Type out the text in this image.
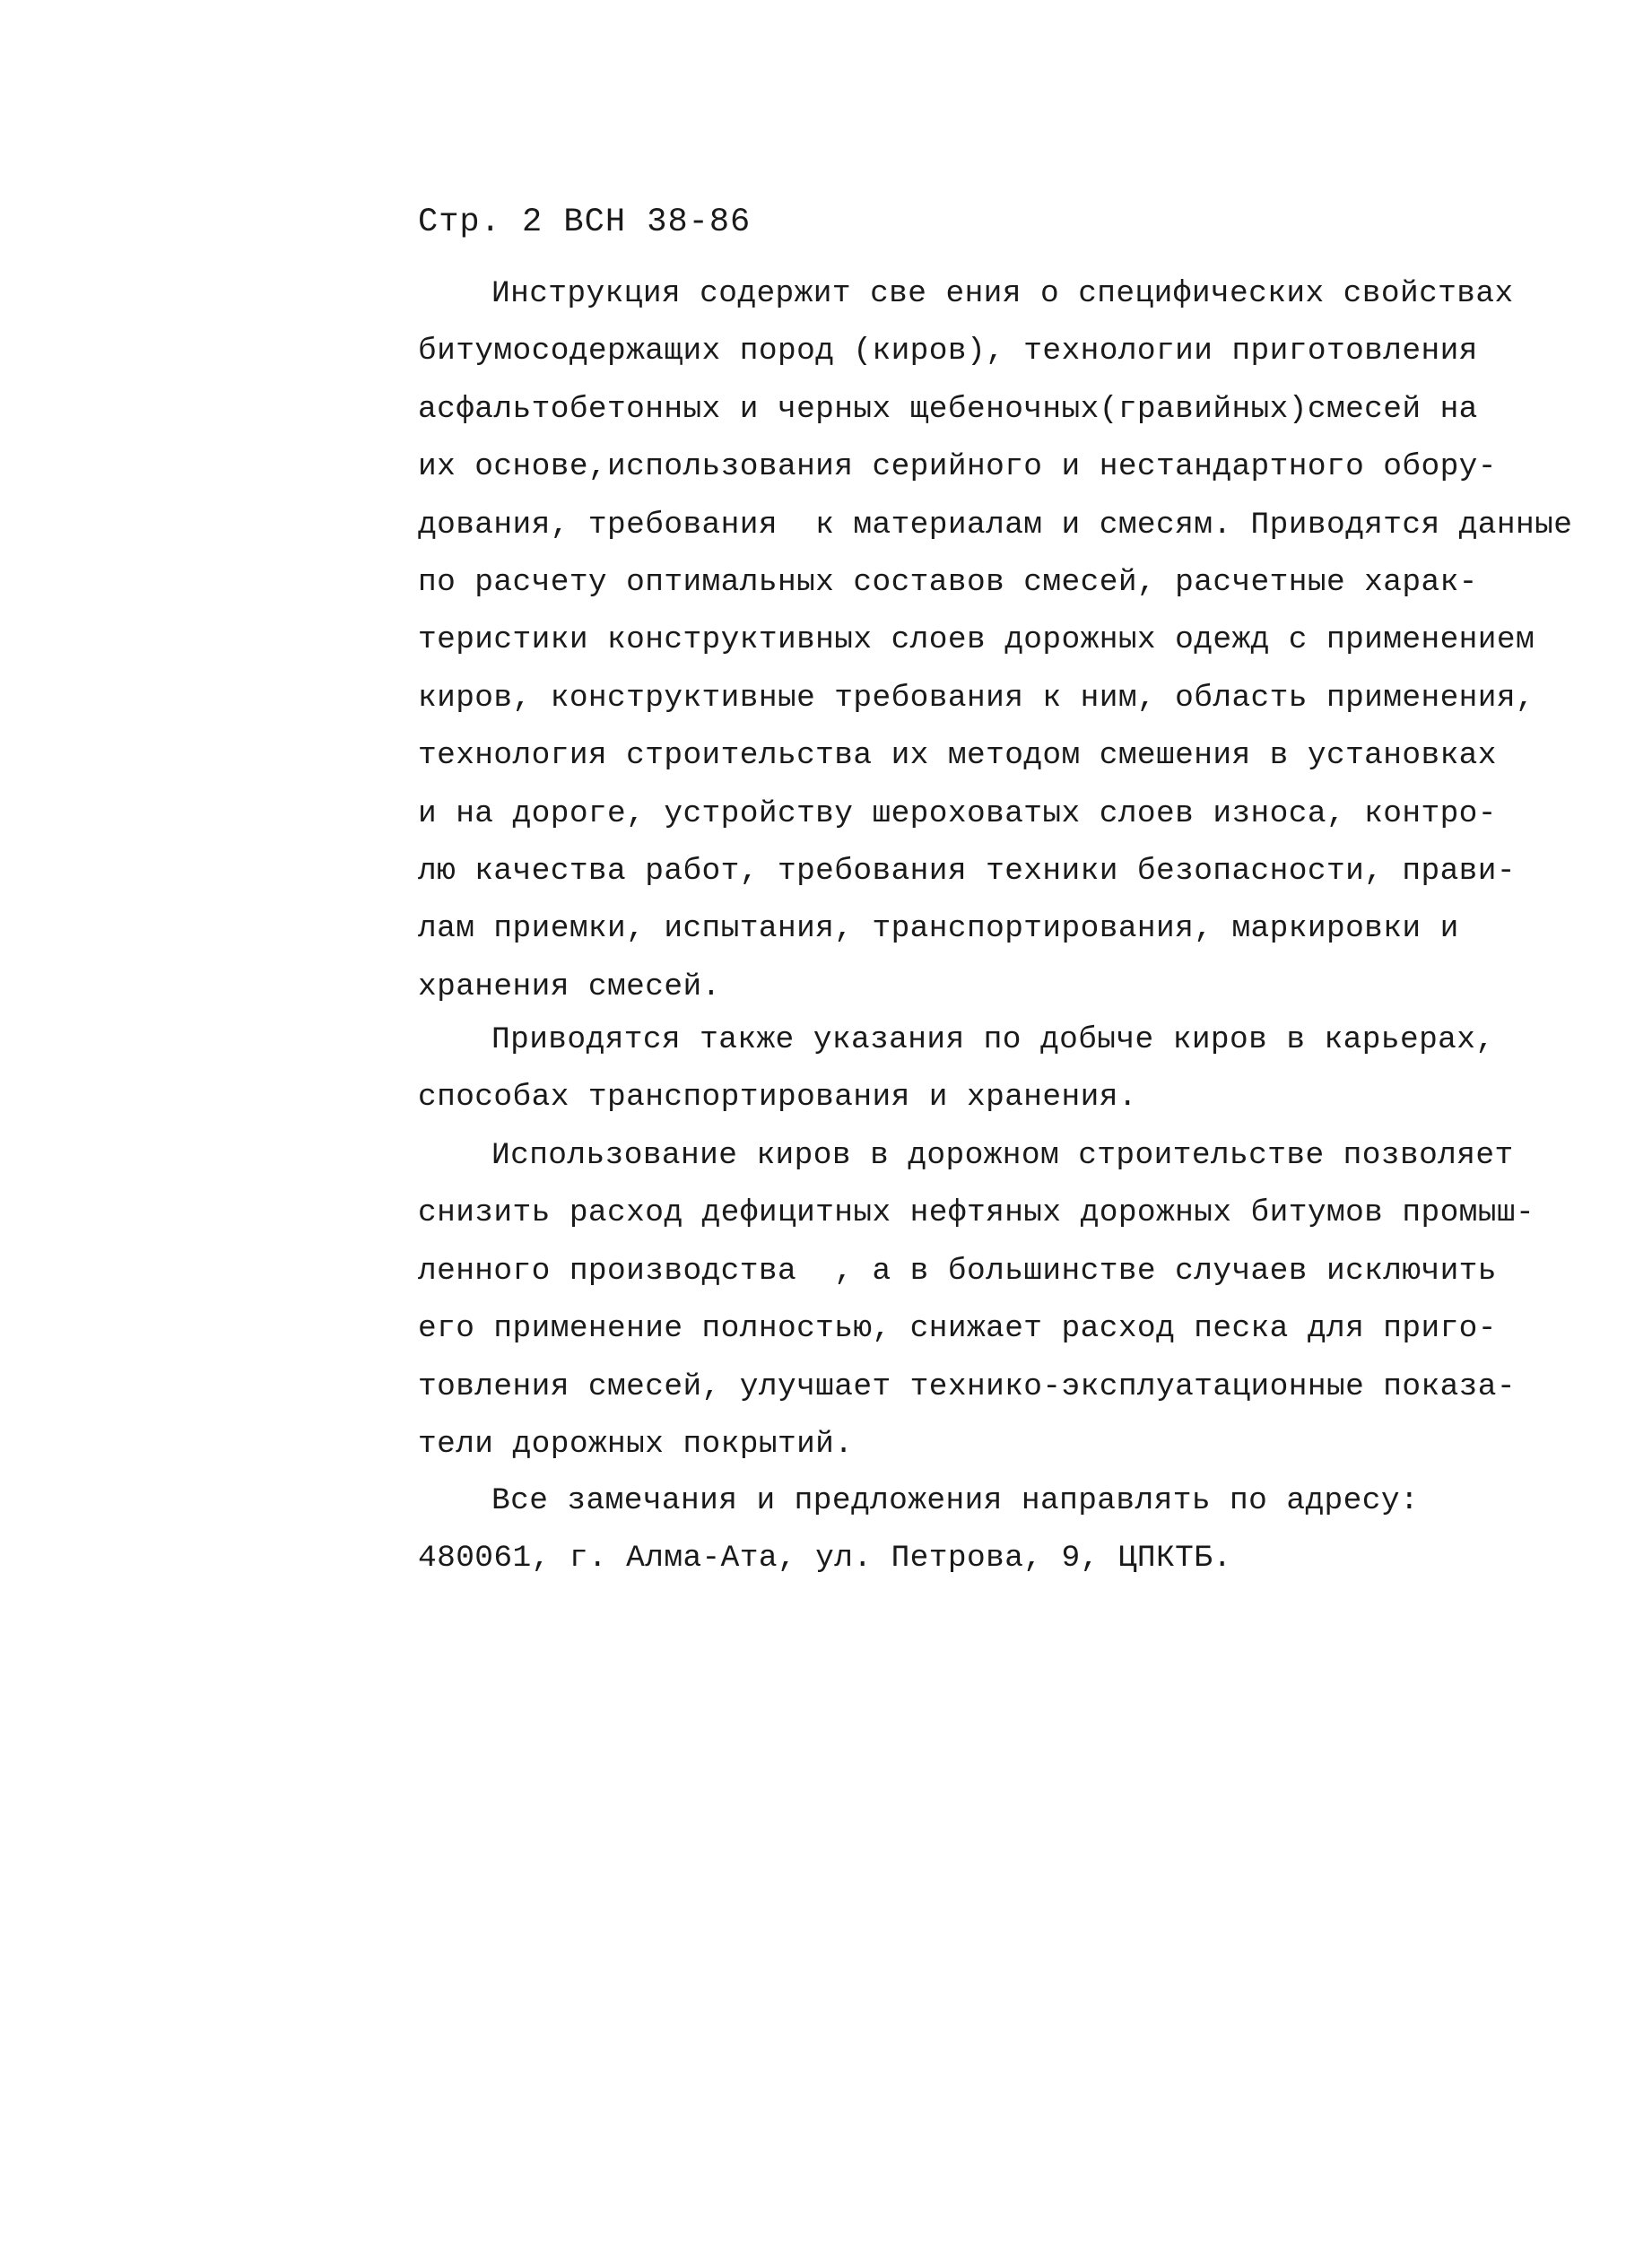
Стр. 2 ВСН 38-86
Инструкция содержит све ения о специфических свойствах
битумосодержащих пород (киров), технологии приготовления
асфальтобетонных и черных щебеночных(гравийных)смесей на
их основе,использования серийного и нестандартного обору-
дования, требования  к материалам и смесям. Приводятся данные
по расчету оптимальных составов смесей, расчетные харак-
теристики конструктивных слоев дорожных одежд с применением
киров, конструктивные требования к ним, область применения,
технология строительства их методом смешения в установках
и на дороге, устройству шероховатых слоев износа, контро-
лю качества работ, требования техники безопасности, прави-
лам приемки, испытания, транспортирования, маркировки и
хранения смесей.
Приводятся также указания по добыче киров в карьерах,
способах транспортирования и хранения.
Использование киров в дорожном строительстве позволяет
снизить расход дефицитных нефтяных дорожных битумов промыш-
ленного производства  , а в большинстве случаев исключить
его применение полностью, снижает расход песка для приго-
товления смесей, улучшает технико-эксплуатационные показа-
тели дорожных покрытий.
Все замечания и предложения направлять по адресу:
480061, г. Алма-Ата, ул. Петрова, 9, ЦПКТБ.
